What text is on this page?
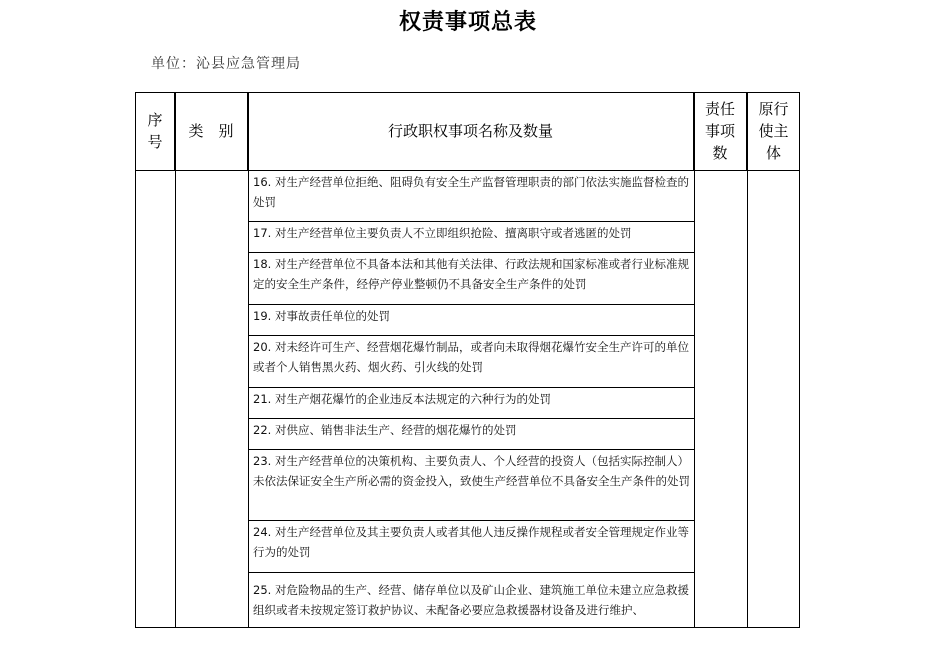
权责事项总表
单位：沁县应急管理局
序
号
类　别	行政职权事项名称及数量
责任
事项
数
原行
使主
体
16. 对生产经营单位拒绝、阻碍负有安全生产监督管理职责的部门依法实施监督检查的处罚
17. 对生产经营单位主要负责人不立即组织抢险、擅离职守或者逃匿的处罚
18. 对生产经营单位不具备本法和其他有关法律、行政法规和国家标准或者行业标准规定的安全生产条件，经停产停业整顿仍不具备安全生产条件的处罚
19. 对事故责任单位的处罚
20. 对未经许可生产、经营烟花爆竹制品，或者向未取得烟花爆竹安全生产许可的单位或者个人销售黑火药、烟火药、引火线的处罚
21. 对生产烟花爆竹的企业违反本法规定的六种行为的处罚
22. 对供应、销售非法生产、经营的烟花爆竹的处罚
23. 对生产经营单位的决策机构、主要负责人、个人经营的投资人（包括实际控制人）未依法保证安全生产所必需的资金投入，致使生产经营单位不具备安全生产条件的处罚
24. 对生产经营单位及其主要负责人或者其他人违反操作规程或者安全管理规定作业等行为的处罚
25. 对危险物品的生产、经营、储存单位以及矿山企业、建筑施工单位未建立应急救援组织或者未按规定签订救护协议、未配备必要应急救援器材设备及进行维护、
